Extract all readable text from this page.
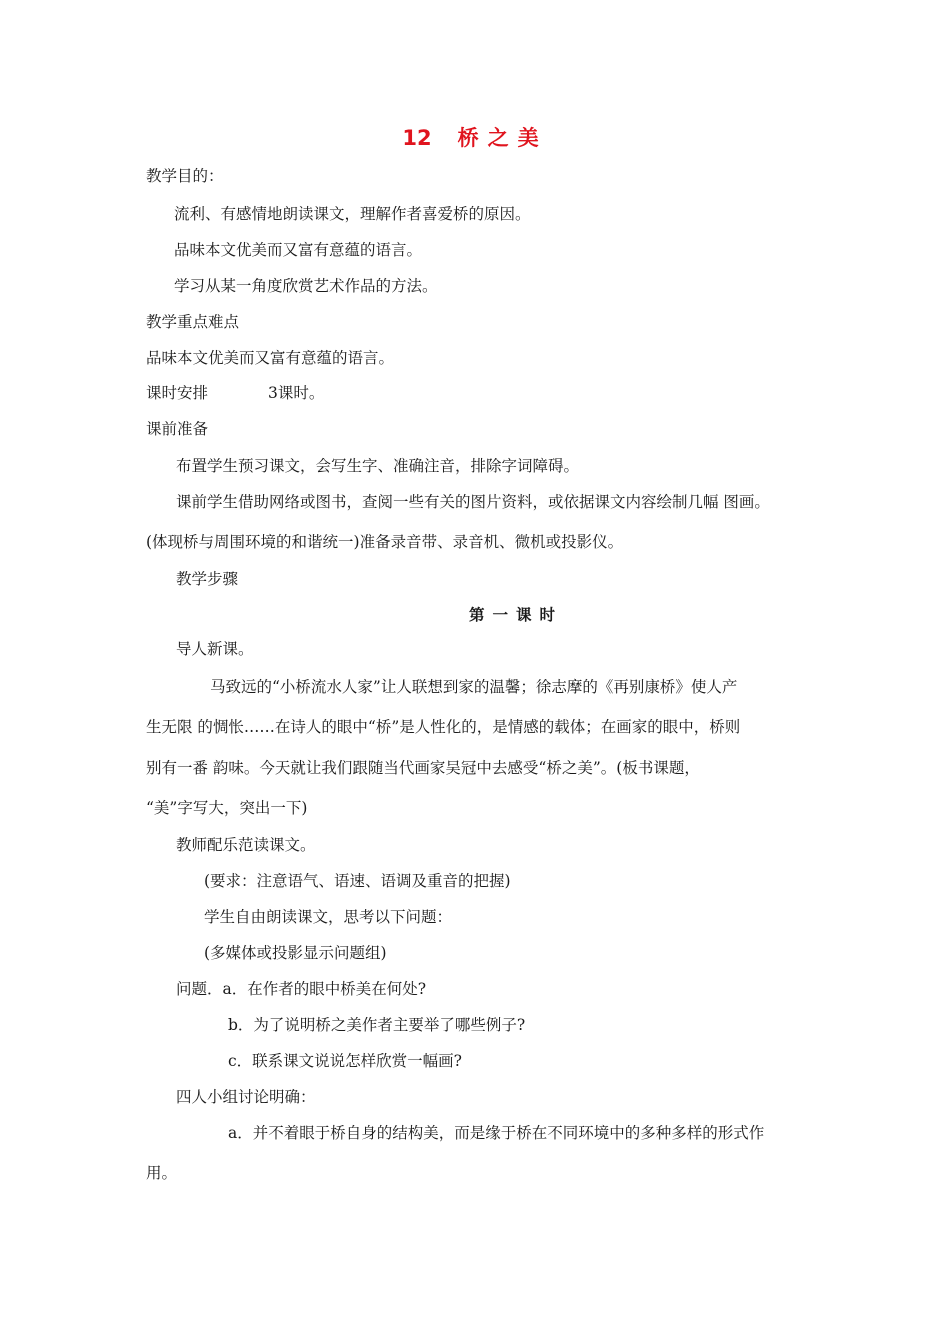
12 桥之美
教学目的：
流利、有感情地朗读课文，理解作者喜爱桥的原因。
品味本文优美而又富有意蕴的语言。
学习从某一角度欣赏艺术作品的方法。
教学重点难点
品味本文优美而又富有意蕴的语言。
课时安排	3课时。
课前准备
布置学生预习课文，会写生字、准确注音，排除字词障碍。
课前学生借助网络或图书，查阅一些有关的图片资料，或依据课文内容绘制几幅 图画。
(体现桥与周围环境的和谐统一)准备录音带、录音机、微机或投影仪。
教学步骤
第一课时
导人新课。
马致远的“小桥流水人家”让人联想到家的温馨；徐志摩的《再别康桥》使人产
生无限 的惆怅……在诗人的眼中“桥”是人性化的，是情感的载体；在画家的眼中，桥则
别有一番 韵味。今天就让我们跟随当代画家吴冠中去感受“桥之美”。(板书课题，
“美”字写大，突出一下)
教师配乐范读课文。
(要求：注意语气、语速、语调及重音的把握)
学生自由朗读课文，思考以下问题：
(多媒体或投影显示问题组)
问题．a．在作者的眼中桥美在何处?
b．为了说明桥之美作者主要举了哪些例子?
c．联系课文说说怎样欣赏一幅画?
四人小组讨论明确：
a．并不着眼于桥自身的结构美，而是缘于桥在不同环境中的多种多样的形式作
用。
